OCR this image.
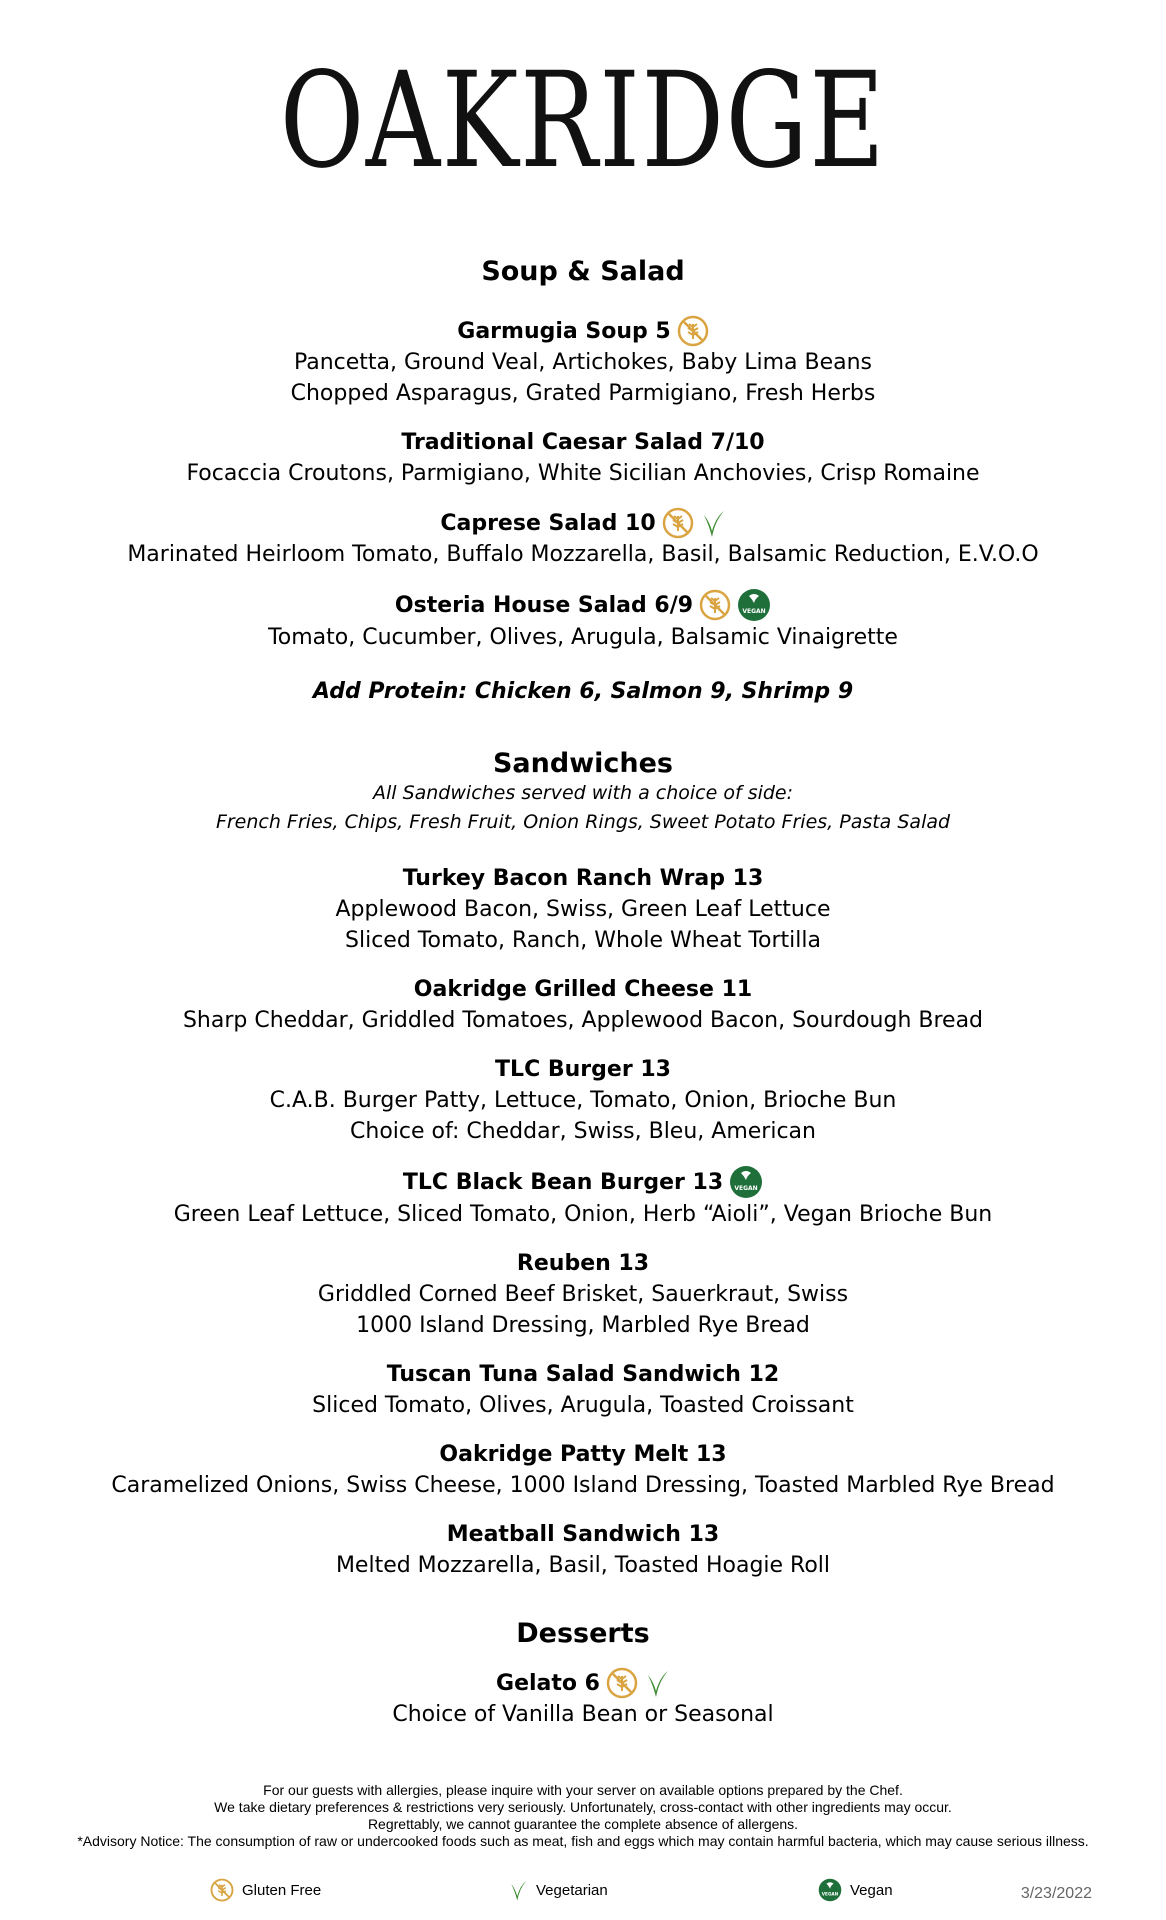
OAKRIDGE
Soup & Salad
Garmugia Soup 5
Pancetta, Ground Veal, Artichokes, Baby Lima Beans
Chopped Asparagus, Grated Parmigiano, Fresh Herbs
Traditional Caesar Salad 7/10
Focaccia Croutons, Parmigiano, White Sicilian Anchovies, Crisp Romaine
Caprese Salad 10
Marinated Heirloom Tomato, Buffalo Mozzarella, Basil, Balsamic Reduction, E.V.O.O
Osteria House Salad 6/9	VEGAN
Tomato, Cucumber, Olives, Arugula, Balsamic Vinaigrette
Add Protein: Chicken 6, Salmon 9, Shrimp 9
Sandwiches
All Sandwiches served with a choice of side:
French Fries, Chips, Fresh Fruit, Onion Rings, Sweet Potato Fries, Pasta Salad
Turkey Bacon Ranch Wrap 13
Applewood Bacon, Swiss, Green Leaf Lettuce
Sliced Tomato, Ranch, Whole Wheat Tortilla
Oakridge Grilled Cheese 11
Sharp Cheddar, Griddled Tomatoes, Applewood Bacon, Sourdough Bread
TLC Burger 13
C.A.B. Burger Patty, Lettuce, Tomato, Onion, Brioche Bun
Choice of: Cheddar, Swiss, Bleu, American
TLC Black Bean Burger 13 VEGAN
Green Leaf Lettuce, Sliced Tomato, Onion, Herb “Aioli”, Vegan Brioche Bun
Reuben 13
Griddled Corned Beef Brisket, Sauerkraut, Swiss
1000 Island Dressing, Marbled Rye Bread
Tuscan Tuna Salad Sandwich 12
Sliced Tomato, Olives, Arugula, Toasted Croissant
Oakridge Patty Melt 13
Caramelized Onions, Swiss Cheese, 1000 Island Dressing, Toasted Marbled Rye Bread
Meatball Sandwich 13
Melted Mozzarella, Basil, Toasted Hoagie Roll
Desserts
Gelato 6
Choice of Vanilla Bean or Seasonal
For our guests with allergies, please inquire with your server on available options prepared by the Chef.
We take dietary preferences & restrictions very seriously. Unfortunately, cross-contact with other ingredients may occur.
Regrettably, we cannot guarantee the complete absence of allergens.
*Advisory Notice: The consumption of raw or undercooked foods such as meat, fish and eggs which may contain harmful bacteria, which may cause serious illness.
Gluten Free	Vegetarian	VEGAN Vegan	3/23/2022
